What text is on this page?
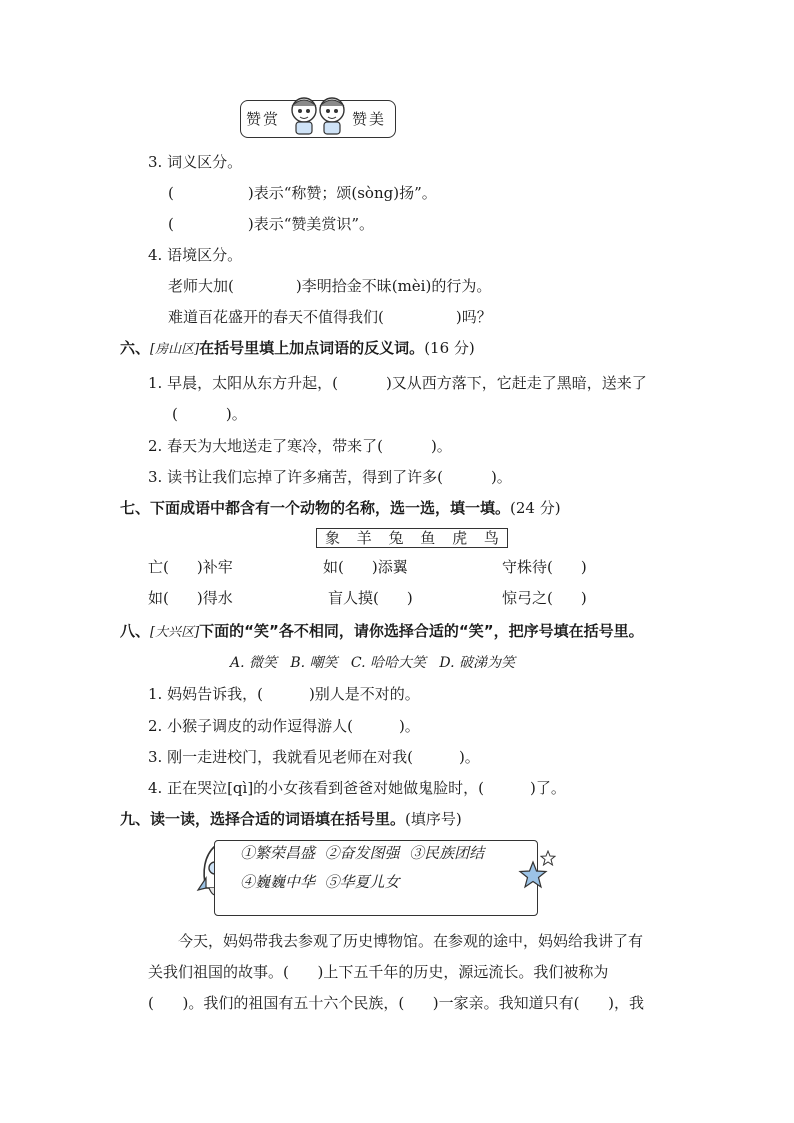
赞赏	赞美
3. 词义区分。
(	)表示“称赞；颂(sòng)扬”。
(	)表示“赞美赏识”。
4. 语境区分。
老师大加(	)李明拾金不昧(mèi)的行为。
难道百花盛开的春天不值得我们(	)吗？
六、[房山区]在括号里填上加点词语的反义词。(16 分)
1. 早晨，太阳从东方升起，(	)又从西方落下，它赶走了黑暗，送来了
(	)。
2. 春天为大地送走了寒冷，带来了(	)。
3. 读书让我们忘掉了许多痛苦，得到了许多(	)。
七、下面成语中都含有一个动物的名称，选一选，填一填。(24 分)
象 羊 兔 鱼 虎 鸟
亡( )补牢	如( )添翼	守株待( )
如( )得水	盲人摸( )	惊弓之( )
八、[大兴区]下面的“笑”各不相同，请你选择合适的“笑”，把序号填在括号里。
A. 微笑   B. 嘲笑   C. 哈哈大笑   D. 破涕为笑
1. 妈妈告诉我，(	)别人是不对的。
2. 小猴子调皮的动作逗得游人(	)。
3. 刚一走进校门，我就看见老师在对我(	)。
4. 正在哭泣[qì]的小女孩看到爸爸对她做鬼脸时，(	)了。
九、读一读，选择合适的词语填在括号里。(填序号)
①繁荣昌盛  ②奋发图强  ③民族团结
④巍巍中华  ⑤华夏儿女
今天，妈妈带我去参观了历史博物馆。在参观的途中，妈妈给我讲了有
关我们祖国的故事。(      )上下五千年的历史，源远流长。我们被称为
(      )。我们的祖国有五十六个民族，(      )一家亲。我知道只有(      )，我
